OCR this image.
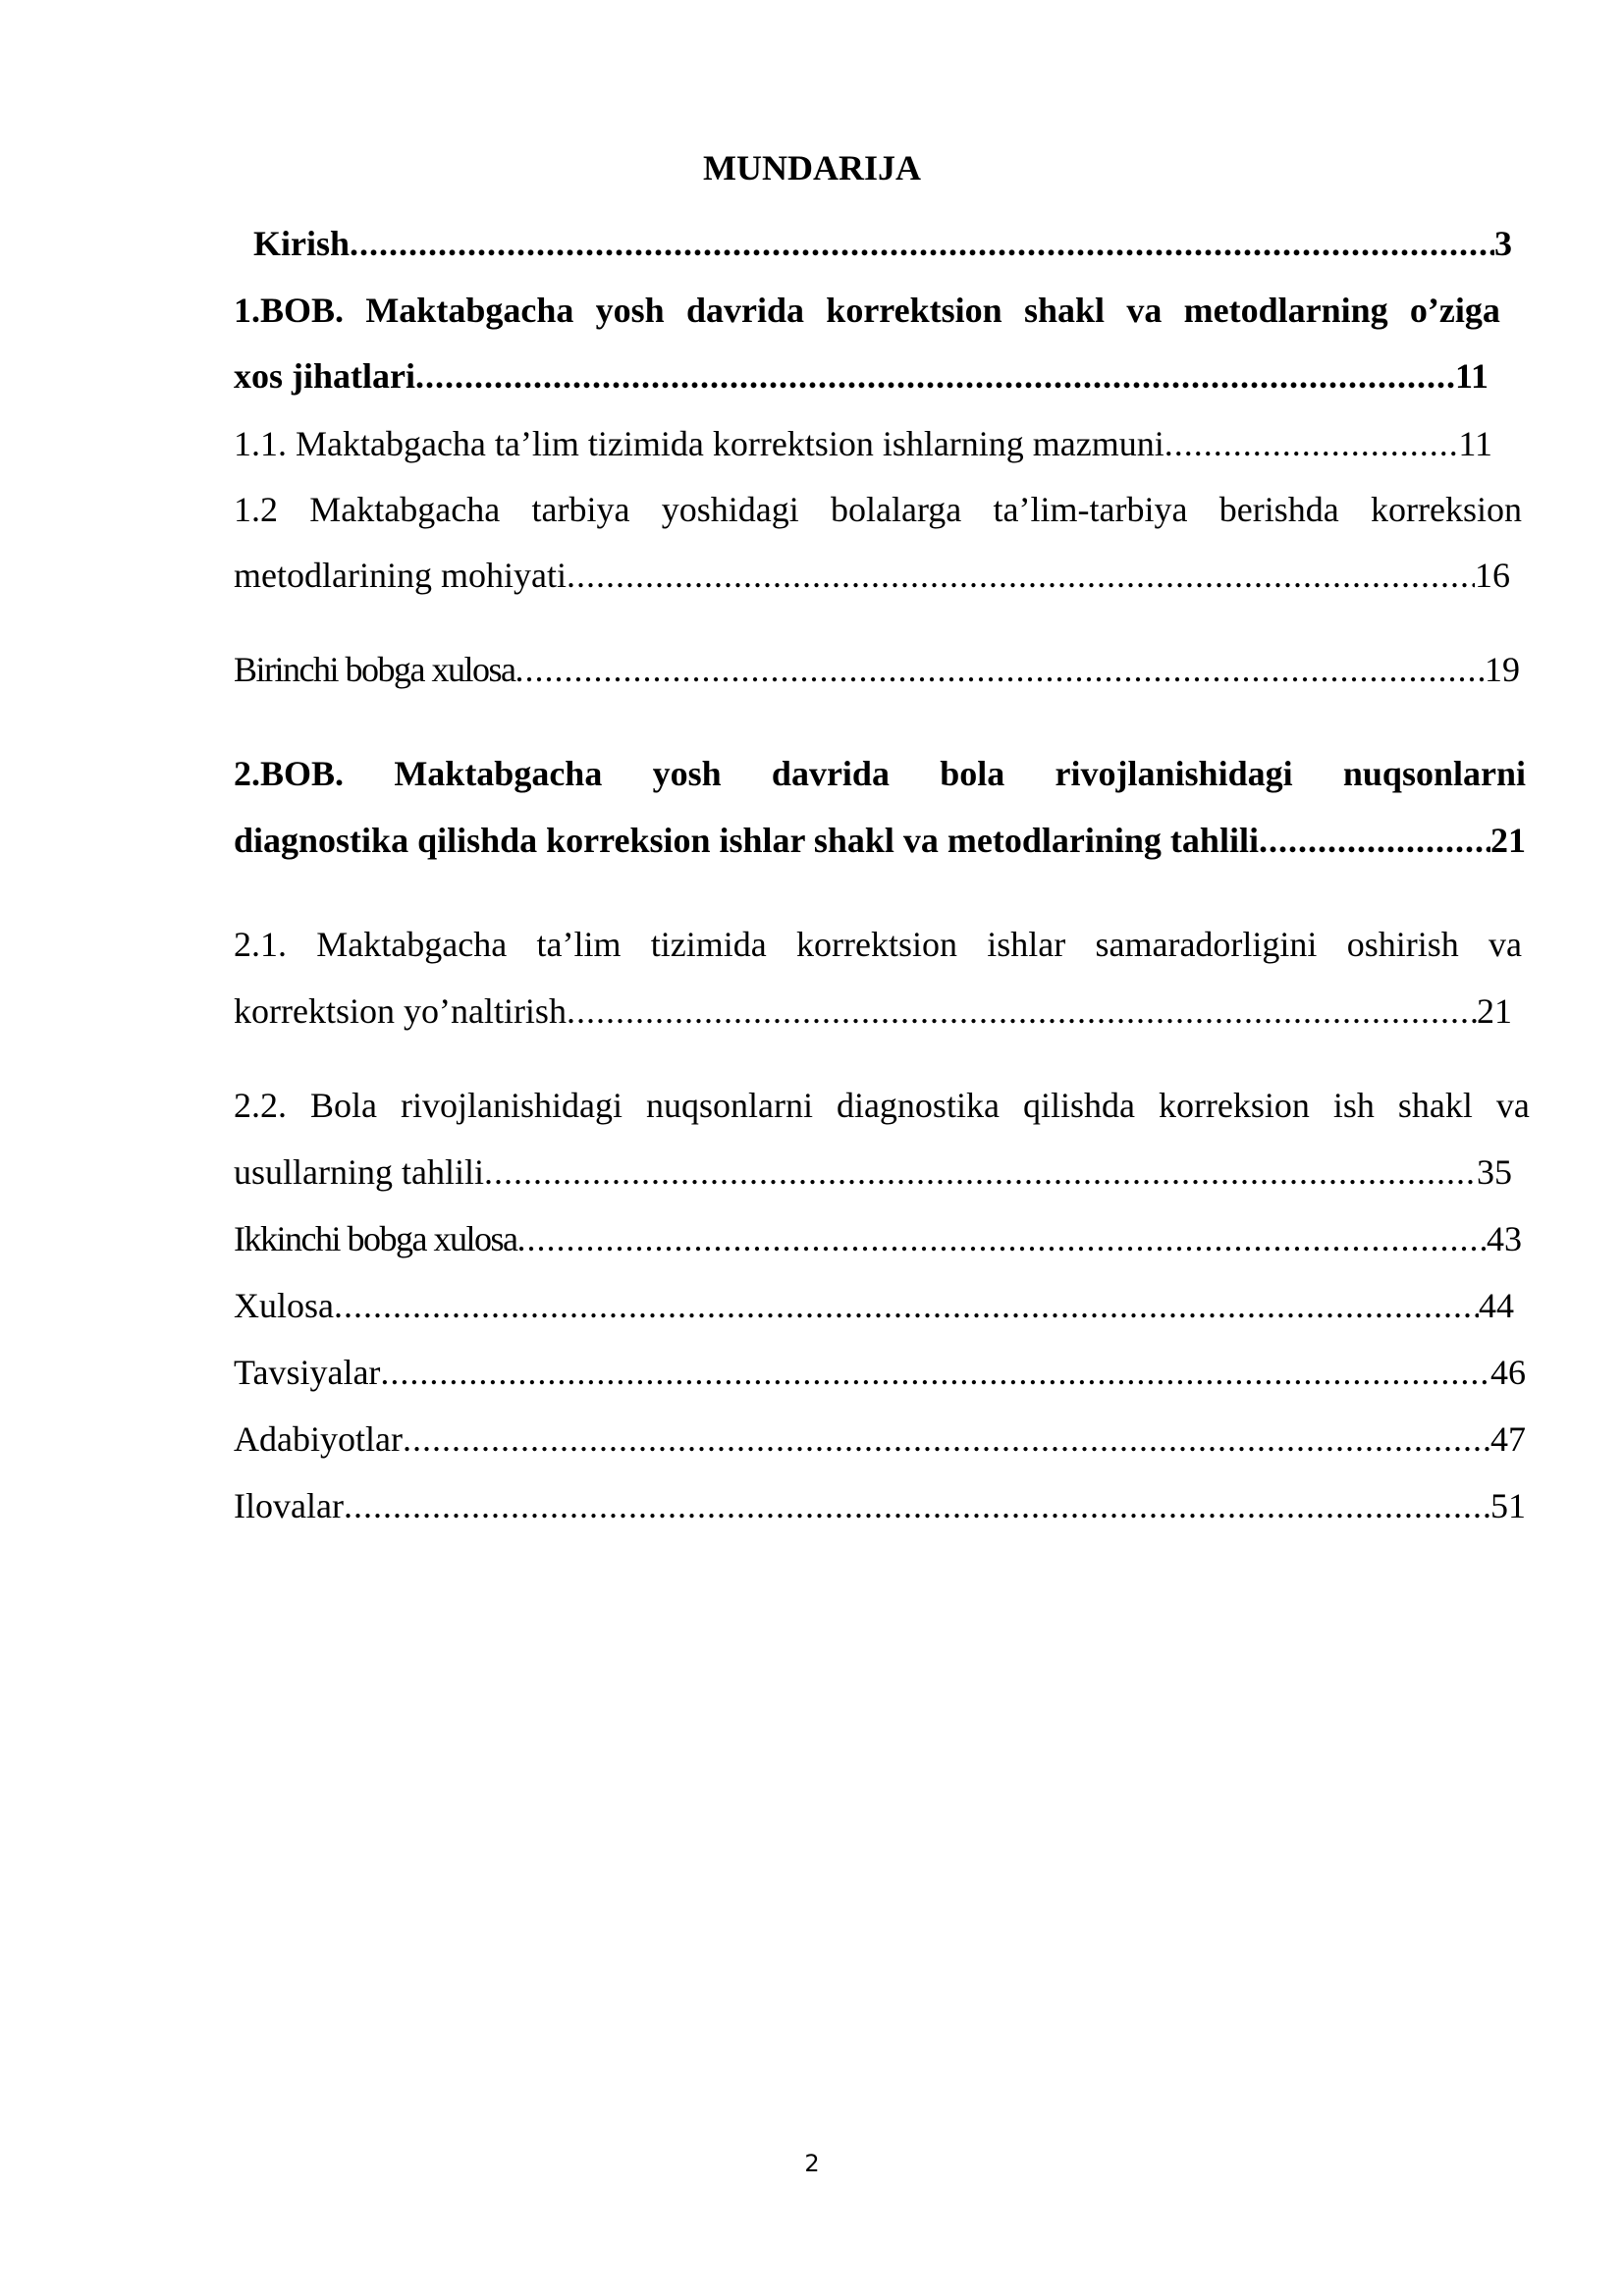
MUNDARIJA
Kirish .....	3
1.BOB. Maktabgacha yosh davrida korrektsion shakl va metodlarning o’ziga
xos jihatlari .....	11
1.1. Maktabgacha ta’lim tizimida korrektsion ishlarning mazmuni .....	11
1.2 Maktabgacha tarbiya yoshidagi bolalarga ta’lim-tarbiya berishda korreksion
metodlarining mohiyati .....	16
Birinchi bobga xulosa .....	19
2.BOB. Maktabgacha yosh davrida bola rivojlanishidagi nuqsonlarni
diagnostika qilishda korreksion ishlar shakl va metodlarining tahlili .....	21
2.1. Maktabgacha ta’lim tizimida korrektsion ishlar samaradorligini oshirish va
korrektsion yo’naltirish .....	21
2.2. Bola rivojlanishidagi nuqsonlarni diagnostika qilishda korreksion ish shakl va
usullarning tahlili .....	35
Ikkinchi bobga xulosa .....	43
Xulosa .....	44
Tavsiyalar .....	46
Adabiyotlar .....	47
Ilovalar .....	51
2
